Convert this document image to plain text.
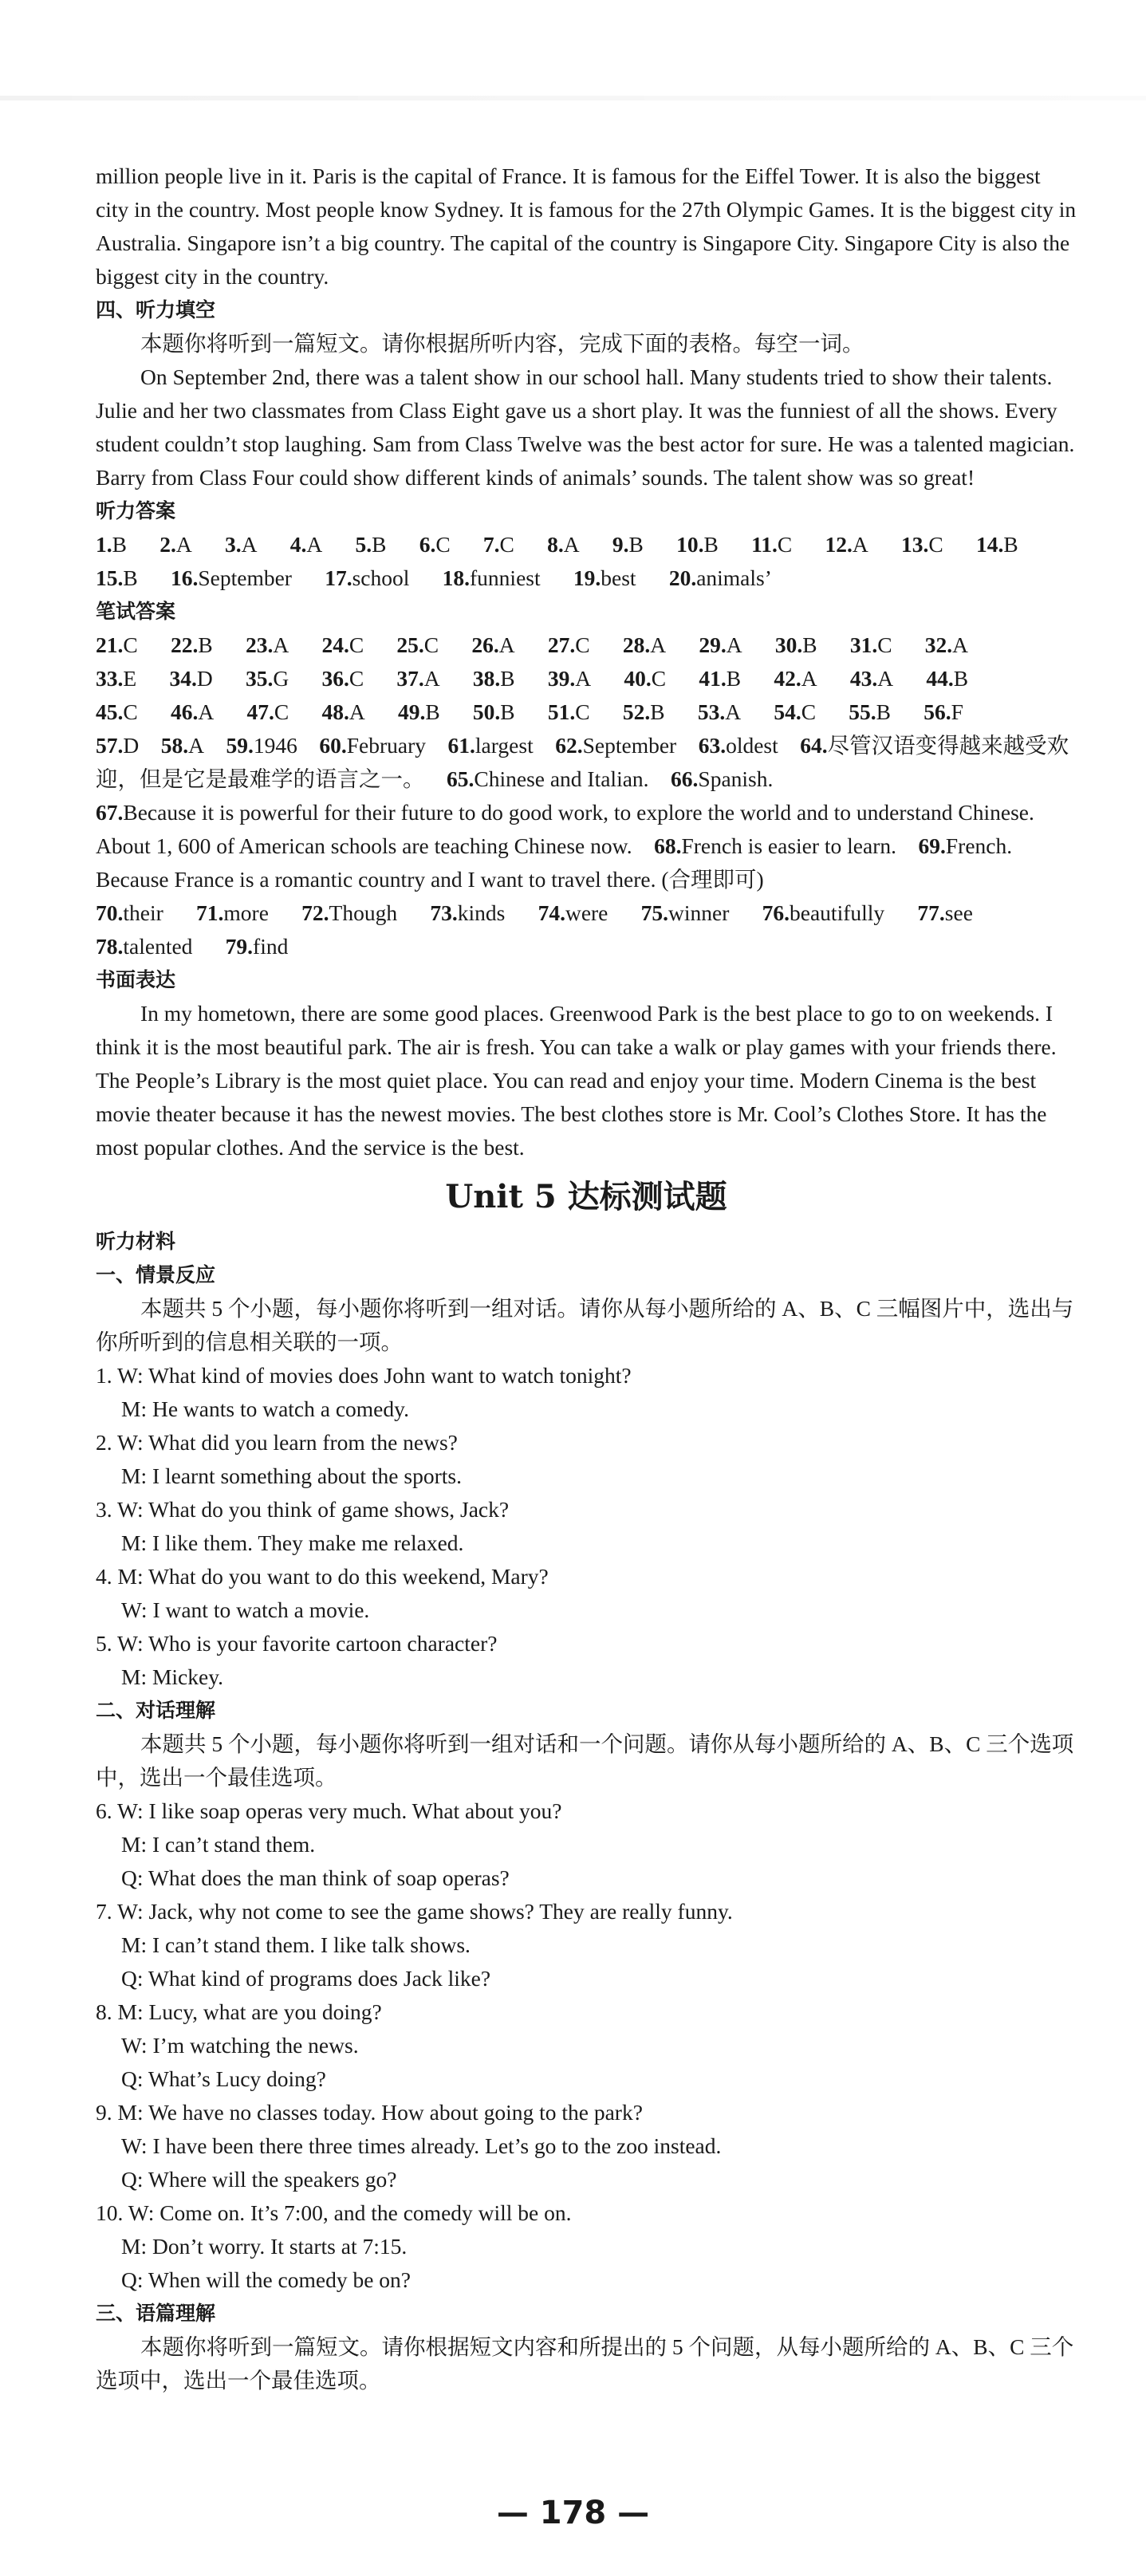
million people live in it. Paris is the capital of France. It is famous for the Eiffel Tower. It is also the biggest city in the country. Most people know Sydney. It is famous for the 27th Olympic Games. It is the biggest city in Australia. Singapore isn’t a big country. The capital of the country is Singapore City. Singapore City is also the biggest city in the country.

四、听力填空

本题你将听到一篇短文。请你根据所听内容，完成下面的表格。每空一词。

On September 2nd, there was a talent show in our school hall. Many students tried to show their talents. Julie and her two classmates from Class Eight gave us a short play. It was the funniest of all the shows. Every student couldn’t stop laughing. Sam from Class Twelve was the best actor for sure. He was a talented magician. Barry from Class Four could show different kinds of animals’ sounds. The talent show was so great!

听力答案

1.B   2.A   3.A   4.A   5.B   6.C   7.C   8.A   9.B   10.B   11.C   12.A   13.C   14.B

15.B   16.September   17.school   18.funniest   19.best   20.animals’

笔试答案

21.C   22.B   23.A   24.C   25.C   26.A   27.C   28.A   29.A   30.B   31.C   32.A

33.E   34.D   35.G   36.C   37.A   38.B   39.A   40.C   41.B   42.A   43.A   44.B

45.C   46.A   47.C   48.A   49.B   50.B   51.C   52.B   53.A   54.C   55.B   56.F

57.D  58.A  59.1946  60.February  61.largest  62.September  63.oldest  64.尽管汉语变得越来越受欢迎，但是它是最难学的语言之一。  65.Chinese and Italian.  66.Spanish.

67.Because it is powerful for their future to do good work, to explore the world and to understand Chinese. About 1, 600 of American schools are teaching Chinese now.  68.French is easier to learn.  69.French. Because France is a romantic country and I want to travel there. (合理即可)

70.their   71.more   72.Though   73.kinds   74.were   75.winner   76.beautifully   77.see

78.talented   79.find

书面表达

In my hometown, there are some good places. Greenwood Park is the best place to go to on weekends. I think it is the most beautiful park. The air is fresh. You can take a walk or play games with your friends there. The People’s Library is the most quiet place. You can read and enjoy your time. Modern Cinema is the best movie theater because it has the newest movies. The best clothes store is Mr. Cool’s Clothes Store. It has the most popular clothes. And the service is the best.

Unit 5 达标测试题

听力材料

一、情景反应

本题共 5 个小题，每小题你将听到一组对话。请你从每小题所给的 A、B、C 三幅图片中，选出与你所听到的信息相关联的一项。

1. W: What kind of movies does John want to watch tonight?

M: He wants to watch a comedy.

2. W: What did you learn from the news?

M: I learnt something about the sports.

3. W: What do you think of game shows, Jack?

M: I like them. They make me relaxed.

4. M: What do you want to do this weekend, Mary?

W: I want to watch a movie.

5. W: Who is your favorite cartoon character?

M: Mickey.

二、对话理解

本题共 5 个小题，每小题你将听到一组对话和一个问题。请你从每小题所给的 A、B、C 三个选项中，选出一个最佳选项。

6. W: I like soap operas very much. What about you?

M: I can’t stand them.

Q: What does the man think of soap operas?

7. W: Jack, why not come to see the game shows? They are really funny.

M: I can’t stand them. I like talk shows.

Q: What kind of programs does Jack like?

8. M: Lucy, what are you doing?

W: I’m watching the news.

Q: What’s Lucy doing?

9. M: We have no classes today. How about going to the park?

W: I have been there three times already. Let’s go to the zoo instead.

Q: Where will the speakers go?

10. W: Come on. It’s 7:00, and the comedy will be on.

M: Don’t worry. It starts at 7:15.

Q: When will the comedy be on?

三、语篇理解

本题你将听到一篇短文。请你根据短文内容和所提出的 5 个问题，从每小题所给的 A、B、C 三个选项中，选出一个最佳选项。

— 178 —
